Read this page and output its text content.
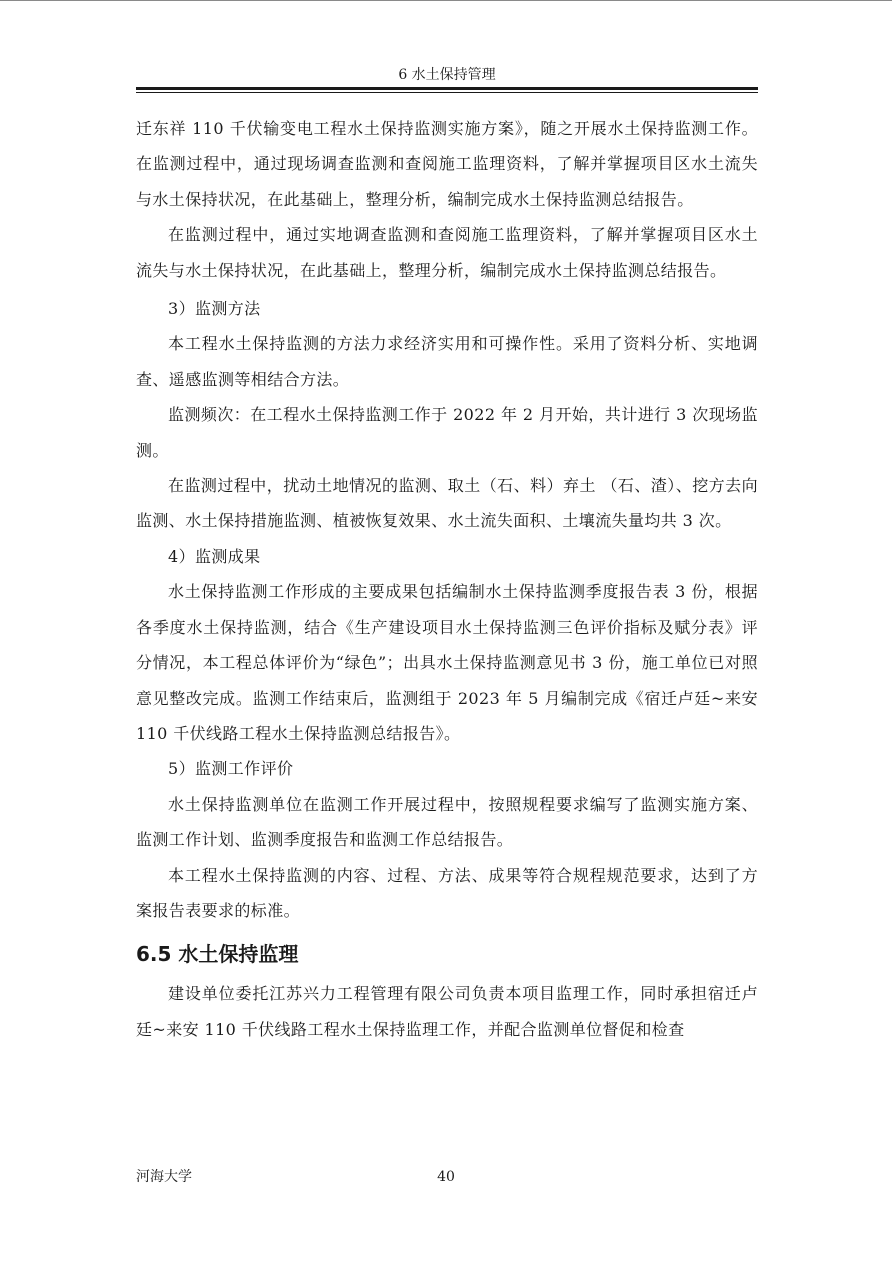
6 水土保持管理

迁东祥 110 千伏输变电工程水土保持监测实施方案》，随之开展水土保持监测工作。在监测过程中，通过现场调查监测和查阅施工监理资料，了解并掌握项目区水土流失与水土保持状况，在此基础上，整理分析，编制完成水土保持监测总结报告。

在监测过程中，通过实地调查监测和查阅施工监理资料，了解并掌握项目区水土流失与水土保持状况，在此基础上，整理分析，编制完成水土保持监测总结报告。

3）监测方法

本工程水土保持监测的方法力求经济实用和可操作性。采用了资料分析、实地调查、遥感监测等相结合方法。

监测频次：在工程水土保持监测工作于 2022 年 2 月开始，共计进行 3 次现场监测。

在监测过程中，扰动土地情况的监测、取土（石、料）弃土 （石、渣）、挖方去向监测、水土保持措施监测、植被恢复效果、水土流失面积、土壤流失量均共 3 次。

4）监测成果

水土保持监测工作形成的主要成果包括编制水土保持监测季度报告表 3 份，根据各季度水土保持监测，结合《生产建设项目水土保持监测三色评价指标及赋分表》评分情况，本工程总体评价为“绿色”；出具水土保持监测意见书 3 份，施工单位已对照意见整改完成。监测工作结束后，监测组于 2023 年 5 月编制完成《宿迁卢廷~来安 110 千伏线路工程水土保持监测总结报告》。

5）监测工作评价

水土保持监测单位在监测工作开展过程中，按照规程要求编写了监测实施方案、监测工作计划、监测季度报告和监测工作总结报告。

本工程水土保持监测的内容、过程、方法、成果等符合规程规范要求，达到了方案报告表要求的标准。

6.5 水土保持监理

建设单位委托江苏兴力工程管理有限公司负责本项目监理工作，同时承担宿迁卢廷~来安 110 千伏线路工程水土保持监理工作，并配合监测单位督促和检查

河海大学	40
